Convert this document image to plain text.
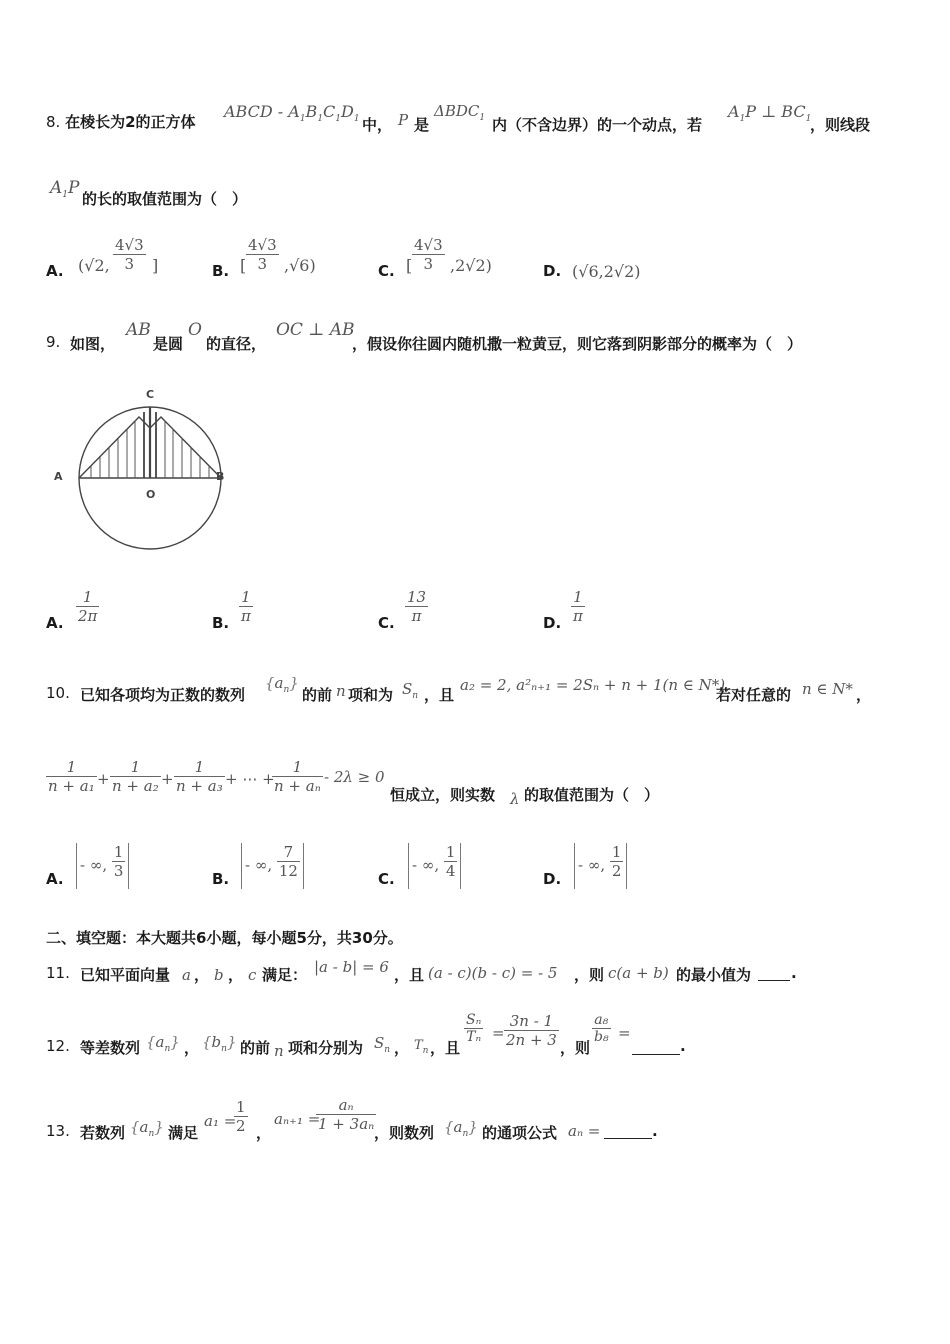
8. 在棱长为2的正方体
ABCD - $A_1B_1C_1D_1$ 中， P 是
$\Delta BDC_1$ 内（不含边界）的一个动点，若
$A_1P$ ⊥ $BC_1$
，则线段
$A_1P$
的长的取值范围为（　）
A. (√2, $\frac{4√3}{3}$ ]	B. [ $\frac{4√3}{3} ,√6$)	C. [ $\frac{4√3}{3} ,2√2$)	D. (√6,2√2)
9. 如图，
AB
是圆
O
的直径，
OC ⊥ AB
，假设你往圆内随机撒一粒黄豆，则它落到阴影部分的概率为（　）
C
A	B
O
A. $\frac{1}{2\pi}$	B. $\frac{1}{\pi}$	C. $\frac{13}{\pi}$	D. $\frac{1}{\pi}$
10. 已知各项均为正数的数列
$\{a_n\}$
的前 n 项和为 $S_n$ ，且
a₂ = 2, a²ₙ₊₁ = 2Sₙ + n + 1(n ∈ N*),
若对任意的 n ∈ N* ，
$\frac{1}{\text{n + a₁}} + \frac{1}{\text{n + a₂}} + \frac{1}{\text{n + a₃}}$ + ⋯ +
$\frac{1}{\text{n + aₙ}} - 2\lambda \ge 0$
恒成立，则实数 λ 的取值范围为（　）
A.
- ∞, $\frac{1}{3}$	B.
- ∞, $\frac{7}{12}$	C.
- ∞, $\frac{1}{4}$	D.
- ∞, $\frac{1}{2}$
二、填空题：本大题共6小题，每小题5分，共30分。
11. 已知平面向量 a ， b ， c 满足： |a - b| = 6 ，且 (a - c)(b - c) = - 5 ，则 c(a + b) 的最小值为	.
12. 等差数列 $\{a_n\}$ ， $\{b_n\}$ 的前 n 项和分别为 $S_n$ ， $T_n$ ，且
$\frac{\text{Sₙ}}{\text{Tₙ}} = \frac{3n - 1}{2n + 3}$ ，则
$\frac{\text{a₈}}{\text{b₈}}$ =
.
13. 若数列 $\{a_n\}$ 满足
a₁ =
$\frac{1}{2}$ ，
aₙ₊₁ =
$\frac{\text{aₙ}}{\text{1 + 3aₙ}}$
，则数列 $\{a_n\}$ 的通项公式 aₙ =	.
